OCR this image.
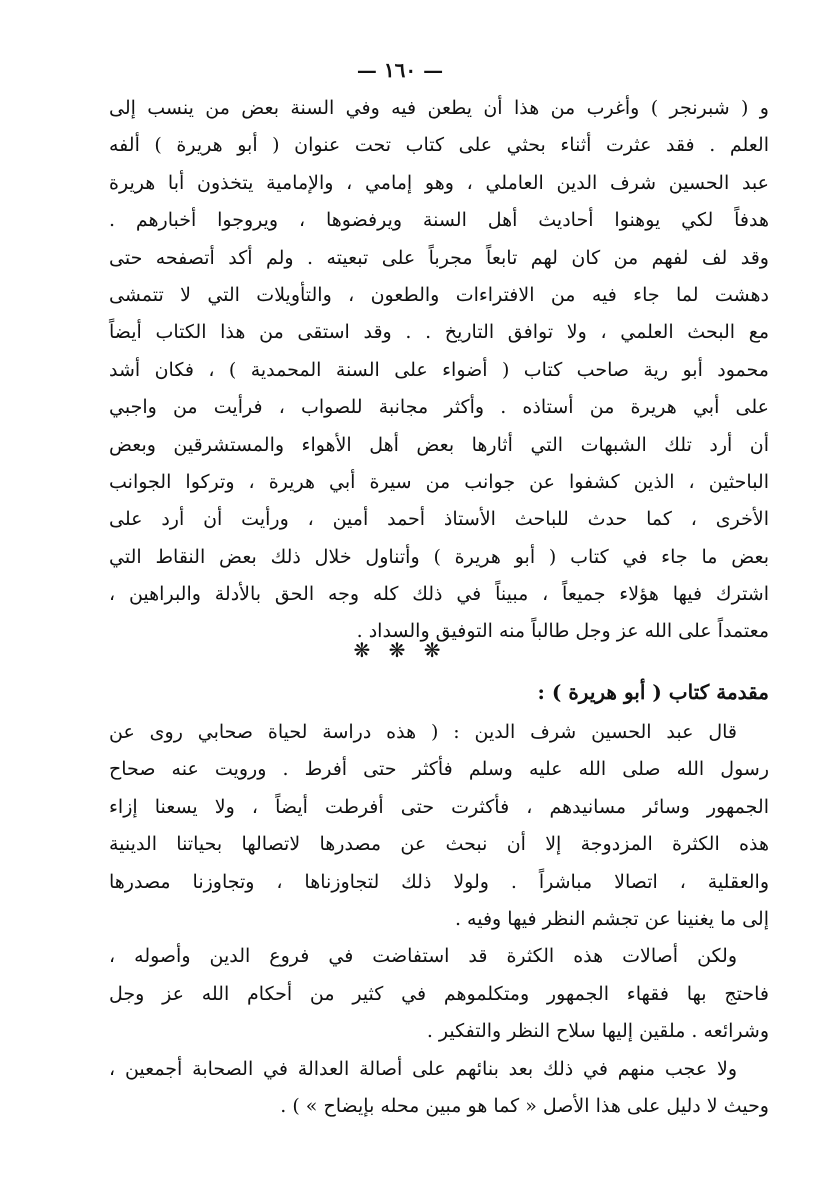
— ١٦٠ —
و ( شبرنجر ) وأغرب من هذا أن يطعن فيه وفي السنة بعض من ينسب إلى
العلم . فقد عثرت أثناء بحثي على كتاب تحت عنوان ( أبو هريرة ) ألفه
عبد الحسين شرف الدين العاملي ، وهو إمامي ، والإمامية يتخذون أبا هريرة
هدفاً لكي يوهنوا أحاديث أهل السنة ويرفضوها ، ويروجوا أخبارهم .
وقد لف لفهم من كان لهم تابعاً مجرباً على تبعيته . ولم أكد أتصفحه حتى
دهشت لما جاء فيه من الافتراءات والطعون ، والتأويلات التي لا تتمشى
مع البحث العلمي ، ولا توافق التاريخ . . وقد استقى من هذا الكتاب أيضاً
محمود أبو رية صاحب كتاب ( أضواء على السنة المحمدية ) ، فكان أشد
على أبي هريرة من أستاذه . وأكثر مجانبة للصواب ، فرأيت من واجبي
أن أرد تلك الشبهات التي أثارها بعض أهل الأهواء والمستشرقين وبعض
الباحثين ، الذين كشفوا عن جوانب من سيرة أبي هريرة ، وتركوا الجوانب
الأخرى ، كما حدث للباحث الأستاذ أحمد أمين ، ورأيت أن أرد على
بعض ما جاء في كتاب ( أبو هريرة ) وأتناول خلال ذلك بعض النقاط التي
اشترك فيها هؤلاء جميعاً ، مبيناً في ذلك كله وجه الحق بالأدلة والبراهين ،
معتمداً على الله عز وجل طالباً منه التوفيق والسداد .
❋ ❋ ❋
مقدمة كتاب ( أبو هريرة ) :
قال عبد الحسين شرف الدين : ( هذه دراسة لحياة صحابي روى عن
رسول الله صلى الله عليه وسلم فأكثر حتى أفرط . ورويت عنه صحاح
الجمهور وسائر مسانيدهم ، فأكثرت حتى أفرطت أيضاً ، ولا يسعنا إزاء
هذه الكثرة المزدوجة إلا أن نبحث عن مصدرها لاتصالها بحياتنا الدينية
والعقلية ، اتصالا مباشراً . ولولا ذلك لتجاوزناها ، وتجاوزنا مصدرها
إلى ما يغنينا عن تجشم النظر فيها وفيه .
ولكن أصالات هذه الكثرة قد استفاضت في فروع الدين وأصوله ،
فاحتج بها فقهاء الجمهور ومتكلموهم في كثير من أحكام الله عز وجل
وشرائعه . ملقين إليها سلاح النظر والتفكير .
ولا عجب منهم في ذلك بعد بنائهم على أصالة العدالة في الصحابة أجمعين ،
وحيث لا دليل على هذا الأصل « كما هو مبين محله بإيضاح » ) .
